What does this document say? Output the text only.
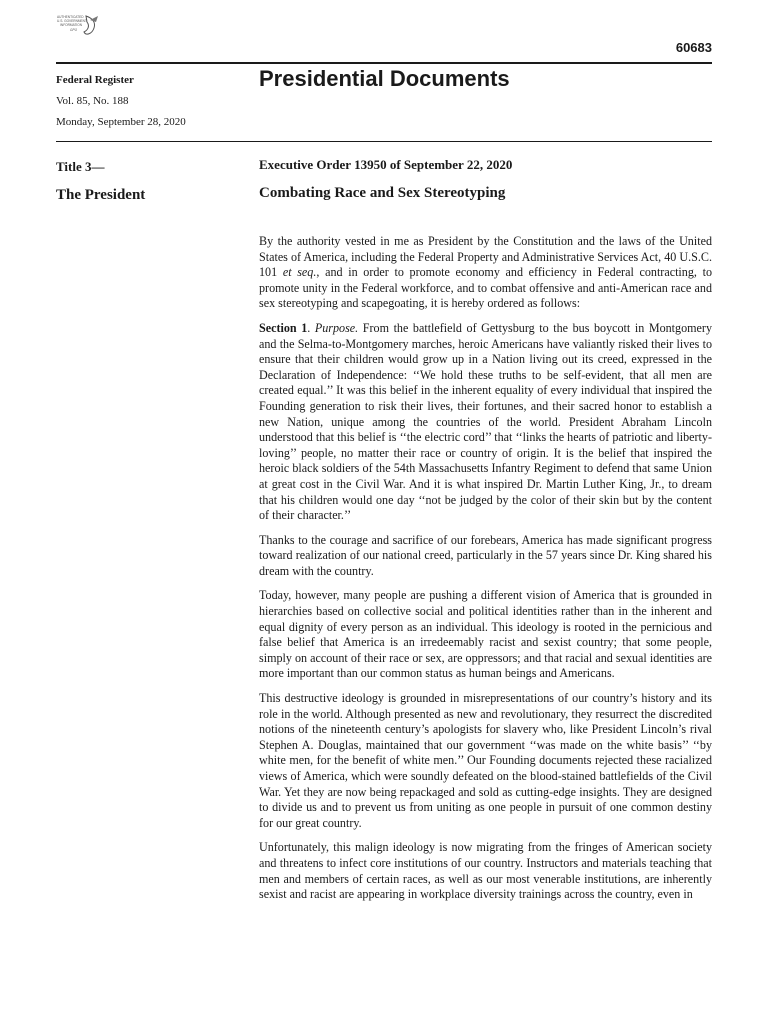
AUTHENTICATED
U.S. GOVERNMENT
INFORMATION
GPO
60683
Federal Register	Presidential Documents
Vol. 85, No. 188
Monday, September 28, 2020
Title 3—
The President
Executive Order 13950 of September 22, 2020
Combating Race and Sex Stereotyping

By the authority vested in me as President by the Constitution and the laws of the United States of America, including the Federal Property and Administrative Services Act, 40 U.S.C. 101 et seq., and in order to promote economy and efficiency in Federal contracting, to promote unity in the Federal workforce, and to combat offensive and anti-American race and sex stereotyping and scapegoating, it is hereby ordered as follows:

Section 1. Purpose. From the battlefield of Gettysburg to the bus boycott in Montgomery and the Selma-to-Montgomery marches, heroic Americans have valiantly risked their lives to ensure that their children would grow up in a Nation living out its creed, expressed in the Declaration of Independence: ‘‘We hold these truths to be self-evident, that all men are created equal.’’ It was this belief in the inherent equality of every individual that inspired the Founding generation to risk their lives, their fortunes, and their sacred honor to establish a new Nation, unique among the countries of the world. President Abraham Lincoln understood that this belief is ‘‘the electric cord’’ that ‘‘links the hearts of patriotic and liberty-loving’’ people, no matter their race or country of origin. It is the belief that inspired the heroic black soldiers of the 54th Massachusetts Infantry Regiment to defend that same Union at great cost in the Civil War. And it is what inspired Dr. Martin Luther King, Jr., to dream that his children would one day ‘‘not be judged by the color of their skin but by the content of their character.’’

Thanks to the courage and sacrifice of our forebears, America has made significant progress toward realization of our national creed, particularly in the 57 years since Dr. King shared his dream with the country.

Today, however, many people are pushing a different vision of America that is grounded in hierarchies based on collective social and political identities rather than in the inherent and equal dignity of every person as an individual. This ideology is rooted in the pernicious and false belief that America is an irredeemably racist and sexist country; that some people, simply on account of their race or sex, are oppressors; and that racial and sexual identities are more important than our common status as human beings and Americans.

This destructive ideology is grounded in misrepresentations of our country’s history and its role in the world. Although presented as new and revolutionary, they resurrect the discredited notions of the nineteenth century’s apologists for slavery who, like President Lincoln’s rival Stephen A. Douglas, maintained that our government ‘‘was made on the white basis’’ ‘‘by white men, for the benefit of white men.’’ Our Founding documents rejected these racialized views of America, which were soundly defeated on the blood-stained battlefields of the Civil War. Yet they are now being repackaged and sold as cutting-edge insights. They are designed to divide us and to prevent us from uniting as one people in pursuit of one common destiny for our great country.

Unfortunately, this malign ideology is now migrating from the fringes of American society and threatens to infect core institutions of our country. Instructors and materials teaching that men and members of certain races, as well as our most venerable institutions, are inherently sexist and racist are appearing in workplace diversity trainings across the country, even in
